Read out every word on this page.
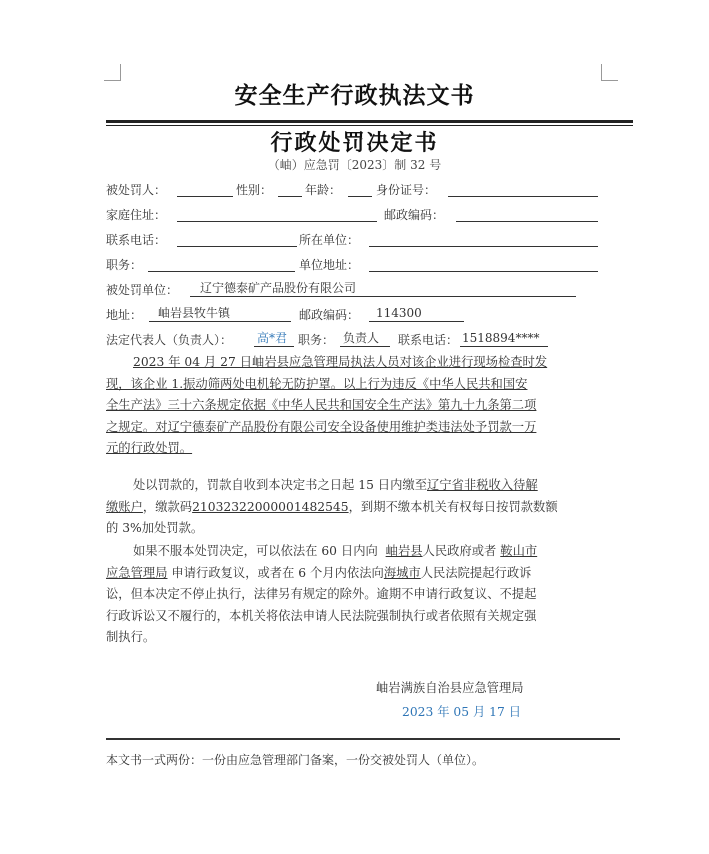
安全生产行政执法文书
行政处罚决定书
（岫）应急罚〔2023〕制 32 号
被处罚人：	性别：	年龄：	身份证号：
家庭住址：	邮政编码：
联系电话：	所在单位：
职务：	单位地址：
被处罚单位： 辽宁德泰矿产品股份有限公司
地址： 岫岩县牧牛镇	邮政编码： 114300
法定代表人（负责人）： 高*君 职务： 负责人 联系电话： 1518894****
2023 年 04 月 27 日岫岩县应急管理局执法人员对该企业进行现场检查时发
现，该企业 1.振动筛两处电机轮无防护罩。以上行为违反《中华人民共和国安
全生产法》三十六条规定依据《中华人民共和国安全生产法》第九十九条第二项
之规定。对辽宁德泰矿产品股份有限公司安全设备使用维护类违法处予罚款一万
元的行政处罚。
处以罚款的，罚款自收到本决定书之日起 15 日内缴至辽宁省非税收入待解
缴账户，缴款码21032322000001482545，到期不缴本机关有权每日按罚款数额
的 3%加处罚款。
如果不服本处罚决定，可以依法在 60 日内向 岫岩县人民政府或者 鞍山市
应急管理局 申请行政复议，或者在 6 个月内依法向海城市人民法院提起行政诉
讼，但本决定不停止执行，法律另有规定的除外。逾期不申请行政复议、不提起
行政诉讼又不履行的，本机关将依法申请人民法院强制执行或者依照有关规定强
制执行。
岫岩满族自治县应急管理局
2023 年 05 月 17 日
本文书一式两份：一份由应急管理部门备案，一份交被处罚人（单位）。
